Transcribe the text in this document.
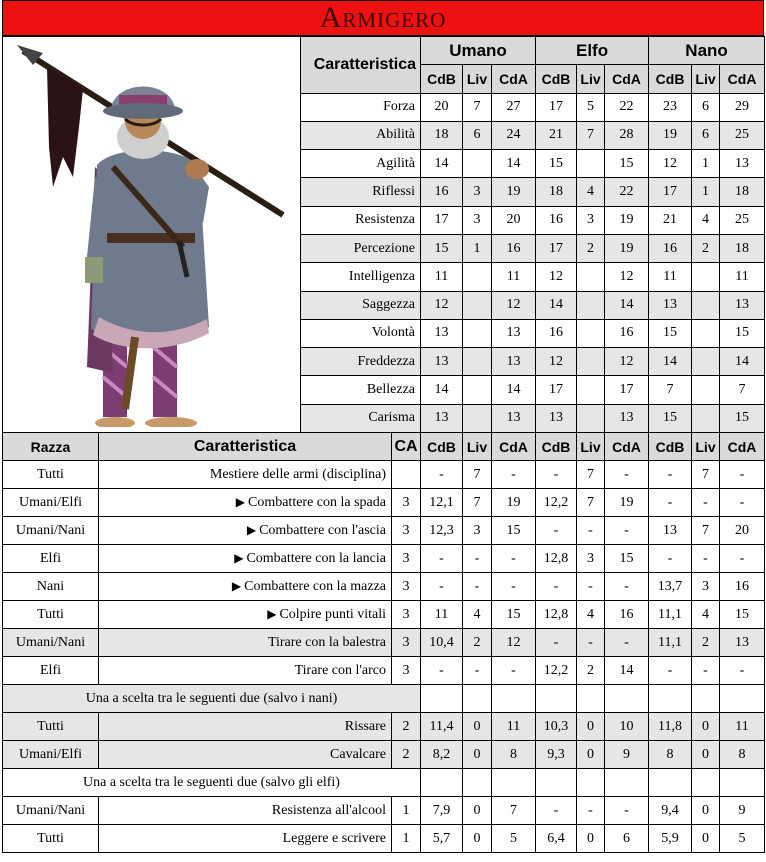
Armigero
	Caratteristica	Umano			Elfo			Nano		
		CdB	Liv	CdA	CdB	Liv	CdA	CdB	Liv	CdA
	Forza	20	7	27	17	5	22	23	6	29
	Abilità	18	6	24	21	7	28	19	6	25
	Agilità	14		14	15		15	12	1	13
	Riflessi	16	3	19	18	4	22	17	1	18
	Resistenza	17	3	20	16	3	19	21	4	25
	Percezione	15	1	16	17	2	19	16	2	18
	Intelligenza	11		11	12		12	11		11
	Saggezza	12		12	14		14	13		13
	Volontà	13		13	16		16	15		15
	Freddezza	13		13	12		12	14		14
	Bellezza	14		14	17		17	7		7
	Carisma	13		13	13		13	15		15
Razza	Caratteristica	CA	CdB	Liv	CdA	CdB	Liv	CdA	CdB	Liv	CdA
Tutti	Mestiere delle armi (disciplina)		-	7	-	-	7	-	-	7	-
Umani/Elfi	▶ Combattere con la spada	3	12,1	7	19	12,2	7	19	-	-	-
Umani/Nani	▶ Combattere con l'ascia	3	12,3	3	15	-	-	-	13	7	20
Elfi	▶ Combattere con la lancia	3	-	-	-	12,8	3	15	-	-	-
Nani	▶ Combattere con la mazza	3	-	-	-	-	-	-	13,7	3	16
Tutti	▶ Colpire punti vitali	3	11	4	15	12,8	4	16	11,1	4	15
Umani/Nani	Tirare con la balestra	3	10,4	2	12	-	-	-	11,1	2	13
Elfi	Tirare con l'arco	3	-	-	-	12,2	2	14	-	-	-
Una a scelta tra le seguenti due (salvo i nani)											
Tutti	Rissare	2	11,4	0	11	10,3	0	10	11,8	0	11
Umani/Elfi	Cavalcare	2	8,2	0	8	9,3	0	9	8	0	8
Una a scelta tra le seguenti due (salvo gli elfi)											
Umani/Nani	Resistenza all'alcool	1	7,9	0	7	-	-	-	9,4	0	9
Tutti	Leggere e scrivere	1	5,7	0	5	6,4	0	6	5,9	0	5
